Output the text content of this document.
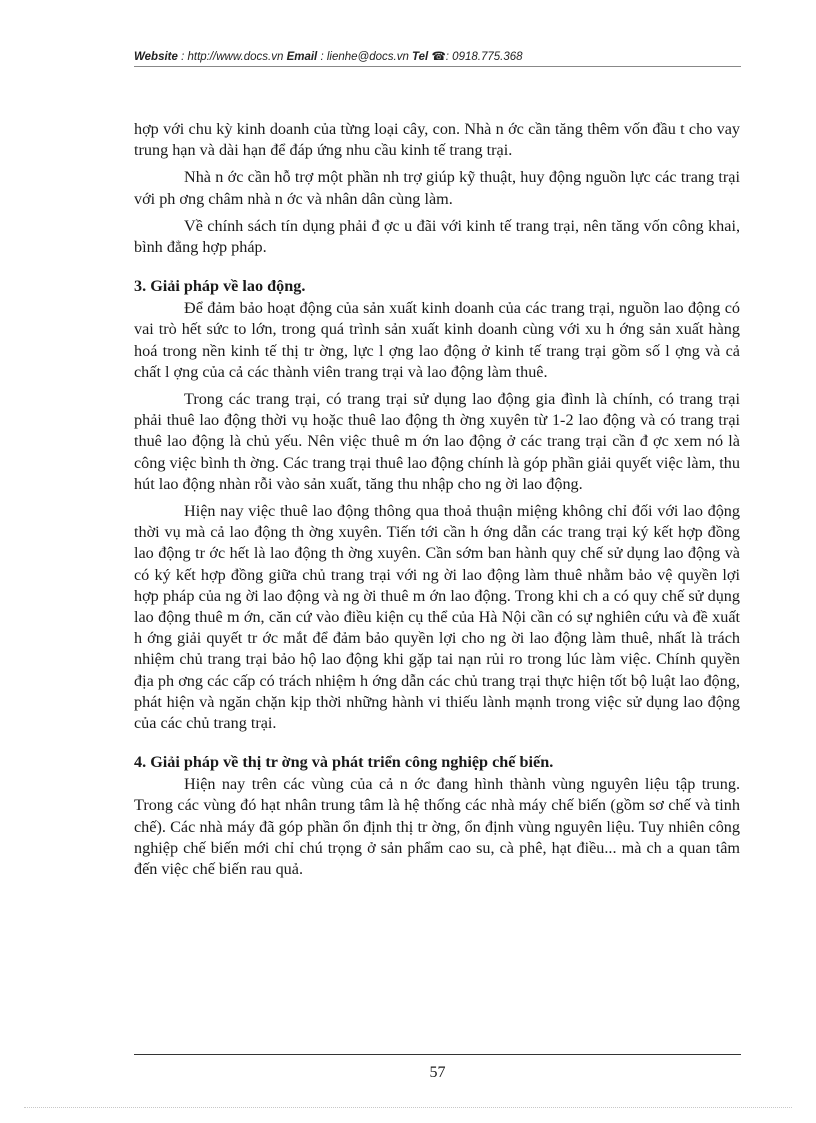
Website : http://www.docs.vn Email : lienhe@docs.vn Tel ☎: 0918.775.368

hợp với chu kỳ kinh doanh của từng loại cây, con. Nhà n ớc cần tăng thêm vốn đầu t cho vay trung hạn và dài hạn để đáp ứng nhu cầu kinh tế trang trại.

Nhà n ớc cần hỗ trợ một phần nh trợ giúp kỹ thuật, huy động nguồn lực các trang trại với ph ơng châm nhà n ớc và nhân dân cùng làm.

Về chính sách tín dụng phải đ ợc u đãi với kinh tế trang trại, nên tăng vốn công khai, bình đẳng hợp pháp.

3. Giải pháp về lao động.

Để đảm bảo hoạt động của sản xuất kinh doanh của các trang trại, nguồn lao động có vai trò hết sức to lớn, trong quá trình sản xuất kinh doanh cùng với xu h ớng sản xuất hàng hoá trong nền kinh tế thị tr ờng, lực l ợng lao động ở kinh tế trang trại gồm số l ợng và cả chất l ợng của cả các thành viên trang trại và lao động làm thuê.

Trong các trang trại, có trang trại sử dụng lao động gia đình là chính, có trang trại phải thuê lao động thời vụ hoặc thuê lao động th ờng xuyên từ 1-2 lao động và có trang trại thuê lao động là chủ yếu. Nên việc thuê m ớn lao động ở các trang trại cần đ ợc xem nó là công việc bình th ờng. Các trang trại thuê lao động chính là góp phần giải quyết việc làm, thu hút lao động nhàn rỗi vào sản xuất, tăng thu nhập cho ng ời lao động.

Hiện nay việc thuê lao động thông qua thoả thuận miệng không chỉ đối với lao động thời vụ mà cả lao động th ờng xuyên. Tiến tới cần h ớng dẫn các trang trại ký kết hợp đồng lao động tr ớc hết là lao động th ờng xuyên. Cần sớm ban hành quy chế sử dụng lao động và có ký kết hợp đồng giữa chủ trang trại với ng ời lao động làm thuê nhằm bảo vệ quyền lợi hợp pháp của ng ời lao động và ng ời thuê m ớn lao động. Trong khi ch a có quy chế sử dụng lao động thuê m ớn, căn cứ vào điều kiện cụ thể của Hà Nội cần có sự nghiên cứu và đề xuất h ớng giải quyết tr ớc mắt để đảm bảo quyền lợi cho ng ời lao động làm thuê, nhất là trách nhiệm chủ trang trại bảo hộ lao động khi gặp tai nạn rủi ro trong lúc làm việc. Chính quyền địa ph ơng các cấp có trách nhiệm h ớng dẫn các chủ trang trại thực hiện tốt bộ luật lao động, phát hiện và ngăn chặn kịp thời những hành vi thiếu lành mạnh trong việc sử dụng lao động của các chủ trang trại.

4. Giải pháp về thị tr ờng và phát triển công nghiệp chế biến.

Hiện nay trên các vùng của cả n ớc đang hình thành vùng nguyên liệu tập trung. Trong các vùng đó hạt nhân trung tâm là hệ thống các nhà máy chế biến (gồm sơ chế và tinh chế). Các nhà máy đã góp phần ổn định thị tr ờng, ổn định vùng nguyên liệu. Tuy nhiên công nghiệp chế biến mới chỉ chú trọng ở sản phẩm cao su, cà phê, hạt điều... mà ch a quan tâm đến việc chế biến rau quả.

57
